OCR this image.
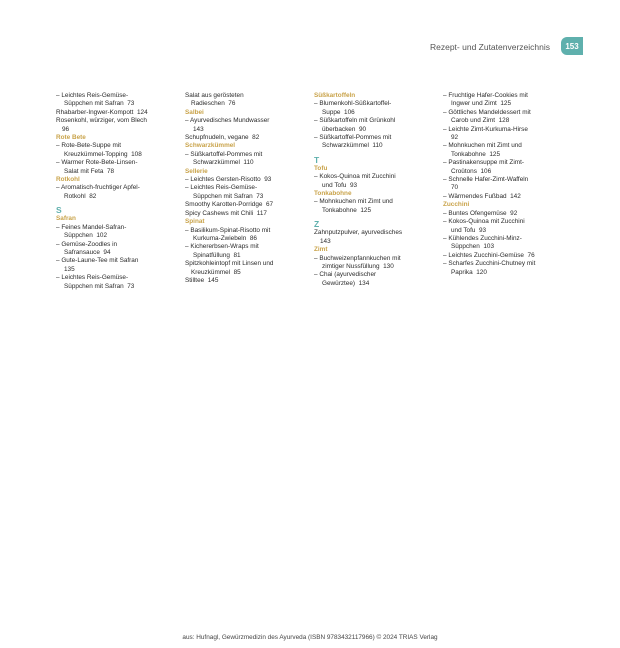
Rezept- und Zutatenverzeichnis	153
– Leichtes Reis-Gemüse-
Süppchen mit Safran  73
Rhabarber-Ingwer-Kompott  124
Rosenkohl, würziger, vom Blech
96
Rote Bete
– Rote-Bete-Suppe mit
Kreuzkümmel-Topping  108
– Warmer Rote-Bete-Linsen-
Salat mit Feta  78
Rotkohl
– Aromatisch-fruchtiger Apfel-
Rotkohl  82
S
Safran
– Feines Mandel-Safran-
Süppchen  102
– Gemüse-Zoodles in
Safransauce  94
– Gute-Laune-Tee mit Safran
135
– Leichtes Reis-Gemüse-
Süppchen mit Safran  73
Salat aus gerösteten
Radieschen  76
Salbei
– Ayurvedisches Mundwasser
143
Schupfnudeln, vegane  82
Schwarzkümmel
– Süßkartoffel-Pommes mit
Schwarzkümmel  110
Sellerie
– Leichtes Gersten-Risotto  93
– Leichtes Reis-Gemüse-
Süppchen mit Safran  73
Smoothy Karotten-Porridge  67
Spicy Cashews mit Chili  117
Spinat
– Basilikum-Spinat-Risotto mit
Kurkuma-Zwiebeln  86
– Kichererbsen-Wraps mit
Spinatfüllung  81
Spitzkohleintopf mit Linsen und
Kreuzkümmel  85
Stilltee  145
Süßkartoffeln
– Blumenkohl-Süßkartoffel-
Suppe  106
– Süßkartoffeln mit Grünkohl
überbacken  90
– Süßkartoffel-Pommes mit
Schwarzkümmel  110
T
Tofu
– Kokos-Quinoa mit Zucchini
und Tofu  93
Tonkabohne
– Mohnkuchen mit Zimt und
Tonkabohne  125
Z
Zahnputzpulver, ayurvedisches
143
Zimt
– Buchweizenpfannkuchen mit
zimtiger Nussfüllung  130
– Chai (ayurvedischer
Gewürztee)  134
– Fruchtige Hafer-Cookies mit
Ingwer und Zimt  125
– Göttliches Mandeldessert mit
Carob und Zimt  128
– Leichte Zimt-Kurkuma-Hirse
92
– Mohnkuchen mit Zimt und
Tonkabohne  125
– Pastinakensuppe mit Zimt-
Croûtons  106
– Schnelle Hafer-Zimt-Waffeln
70
– Wärmendes Fußbad  142
Zucchini
– Buntes Ofengemüse  92
– Kokos-Quinoa mit Zucchini
und Tofu  93
– Kühlendes Zucchini-Minz-
Süppchen  103
– Leichtes Zucchini-Gemüse  76
– Scharfes Zucchini-Chutney mit
Paprika  120
aus: Hufnagl, Gewürzmedizin des Ayurveda (ISBN 9783432117966) © 2024 TRIAS Verlag
